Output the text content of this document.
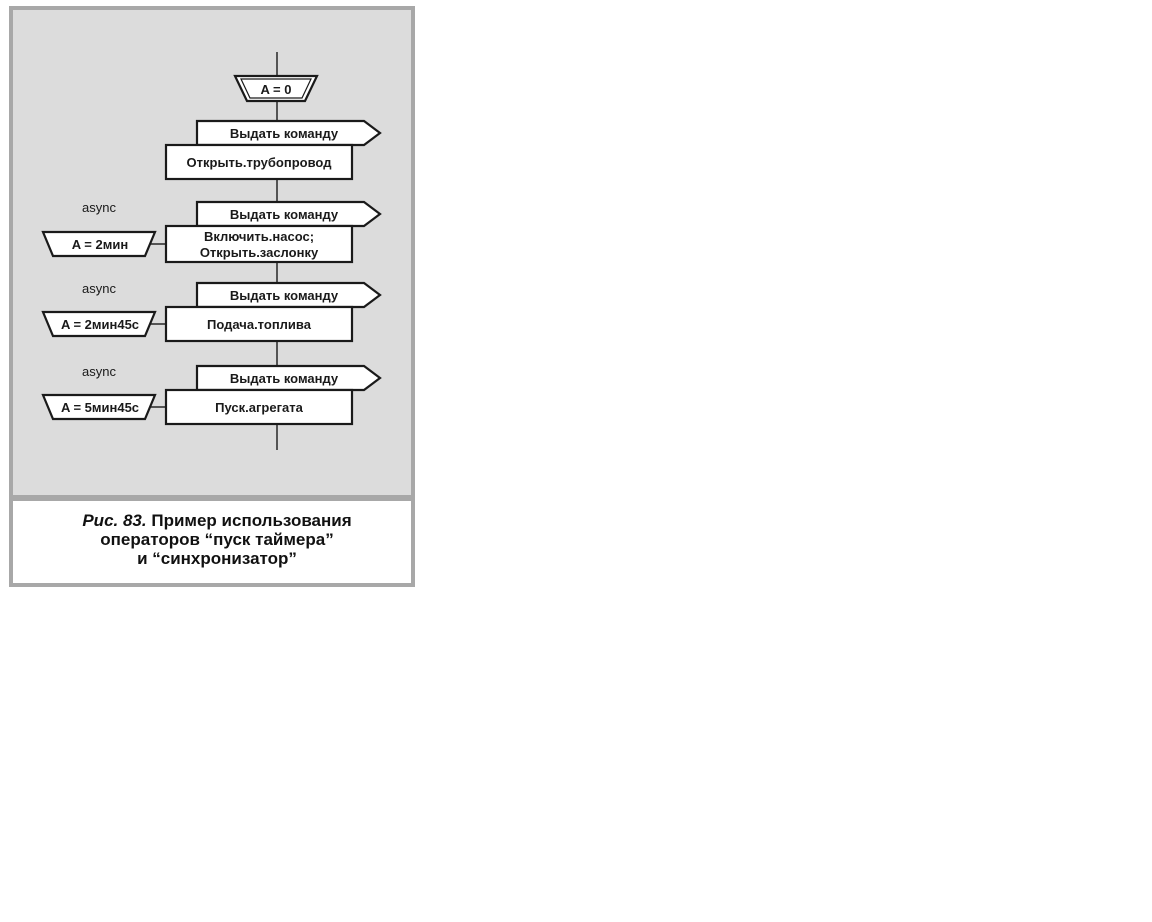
A = 0
Выдать команду
Открыть.трубопровод
Выдать команду
Включить.насос;
Открыть.заслонку
A = 2мин
async
Выдать команду
Подача.топлива
A = 2мин45с
async
Выдать команду
Пуск.агрегата
A = 5мин45с
async
Рис. 83. Пример использования
операторов “пуск таймера”
и “синхронизатор”
